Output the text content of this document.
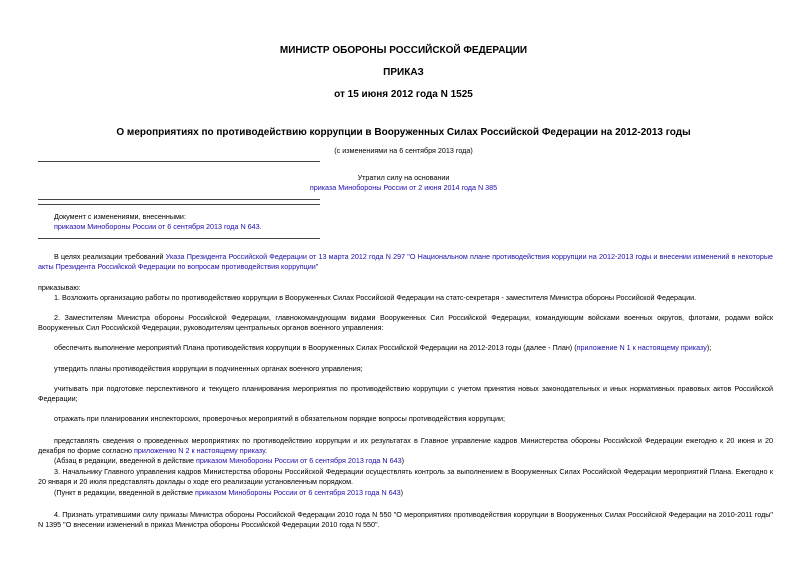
МИНИСТР ОБОРОНЫ РОССИЙСКОЙ ФЕДЕРАЦИИ
ПРИКАЗ
от 15 июня 2012 года N 1525
О мероприятиях по противодействию коррупции в Вооруженных Силах Российской Федерации на 2012-2013 годы
(с изменениями на 6 сентября 2013 года)
Утратил силу на основании
приказа Минобороны России от 2 июня 2014 года N 385
Документ с изменениями, внесенными:
приказом Минобороны России от 6 сентября 2013 года N 643.
В целях реализации требований Указа Президента Российской Федерации от 13 марта 2012 года N 297 "О Национальном плане противодействия коррупции на 2012-2013 годы и внесении изменений в некоторые акты Президента Российской Федерации по вопросам противодействия коррупции"
приказываю:
1. Возложить организацию работы по противодействию коррупции в Вооруженных Силах Российской Федерации на статс-секретаря - заместителя Министра обороны Российской Федерации.
2. Заместителям Министра обороны Российской Федерации, главнокомандующим видами Вооруженных Сил Российской Федерации, командующим войсками военных округов, флотами, родами войск Вооруженных Сил Российской Федерации, руководителям центральных органов военного управления:
обеспечить выполнение мероприятий Плана противодействия коррупции в Вооруженных Силах Российской Федерации на 2012-2013 годы (далее - План) (приложение N 1 к настоящему приказу);
утвердить планы противодействия коррупции в подчиненных органах военного управления;
учитывать при подготовке перспективного и текущего планирования мероприятия по противодействию коррупции с учетом принятия новых законодательных и иных нормативных правовых актов Российской Федерации;
отражать при планировании инспекторских, проверочных мероприятий в обязательном порядке вопросы противодействия коррупции;
представлять сведения о проведенных мероприятиях по противодействию коррупции и их результатах в Главное управление кадров Министерства обороны Российской Федерации ежегодно к 20 июня и 20 декабря по форме согласно приложению N 2 к настоящему приказу.
(Абзац в редакции, введенной в действие приказом Минобороны России от 6 сентября 2013 года N 643)
3. Начальнику Главного управления кадров Министерства обороны Российской Федерации осуществлять контроль за выполнением в Вооруженных Силах Российской Федерации мероприятий Плана. Ежегодно к 20 января и 20 июля представлять доклады о ходе его реализации установленным порядком.
(Пункт в редакции, введенной в действие приказом Минобороны России от 6 сентября 2013 года N 643)
4. Признать утратившими силу приказы Министра обороны Российской Федерации 2010 года N 550 "О мероприятиях противодействия коррупции в Вооруженных Силах Российской Федерации на 2010-2011 годы" N 1395 "О внесении изменений в приказ Министра обороны Российской Федерации 2010 года N 550".
